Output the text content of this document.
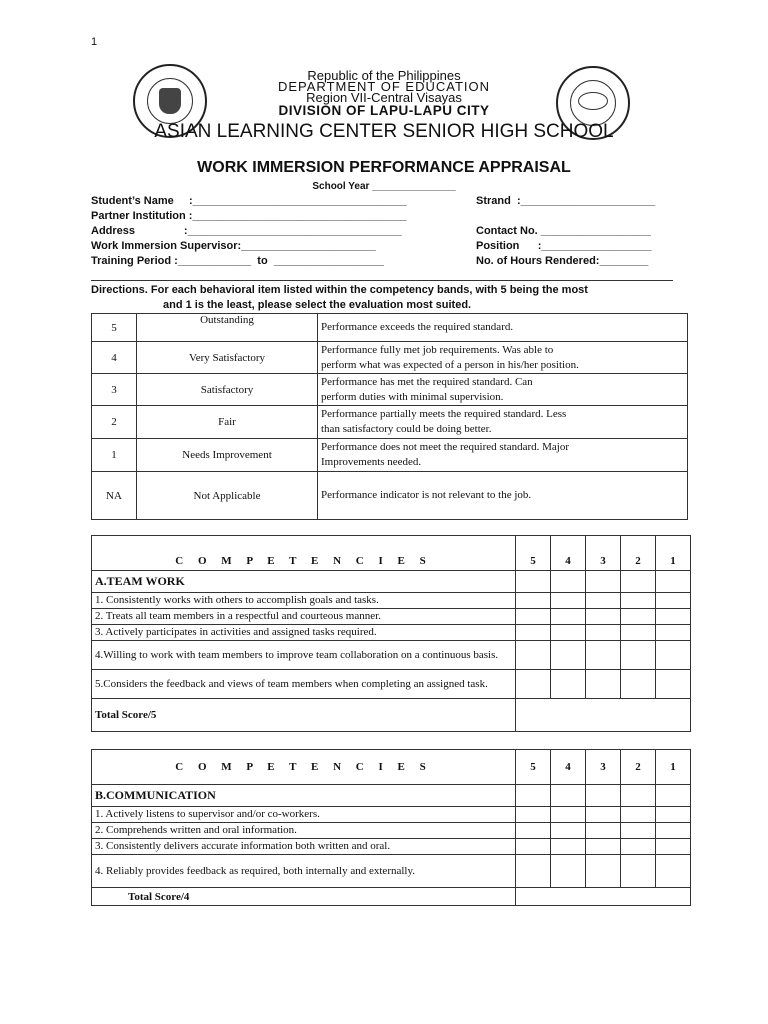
1
Republic of the Philippines
DEPARTMENT OF EDUCATION
Region VII-Central Visayas
DIVISION OF LAPU-LAPU CITY
ASIAN LEARNING CENTER SENIOR HIGH SCHOOL
WORK IMMERSION PERFORMANCE APPRAISAL
School Year _______________
Student’s Name     :___________________________________	Strand  :______________________
Partner Institution :___________________________________
Address                :___________________________________	Contact No. __________________
Work Immersion Supervisor:______________________	Position      :__________________
Training Period :____________  to  __________________	No. of Hours Rendered:________
Directions. For each behavioral item listed within the competency bands, with 5 being the most
and 1 is the least, please select the evaluation most suited.
5	Outstanding	Performance exceeds the required standard.
4	Very Satisfactory	Performance fully met job requirements. Was able to
perform what was expected of a person in his/her position.
3	Satisfactory	Performance has met the required standard. Can
perform duties with minimal supervision.
2	Fair	Performance partially meets the required standard. Less
than satisfactory could be doing better.
1	Needs Improvement	Performance does not meet the required standard. Major
Improvements needed.
NA	Not Applicable	Performance indicator is not relevant to the job.
C O M P E T E N C I E S	5	4	3	2	1
A.TEAM WORK					
1. Consistently works with others to accomplish goals and tasks.					
2. Treats all team members in a respectful and courteous manner.					
3. Actively participates in activities and assigned tasks required.					
4.Willing to work with team members to improve team collaboration on a continuous basis.					
5.Considers the feedback and views of team members when completing an assigned task.					
Total Score/5					
C O M P E T E N C I E S	5	4	3	2	1
B.COMMUNICATION					
1. Actively listens to supervisor and/or co-workers.					
2. Comprehends written and oral information.					
3. Consistently delivers accurate information both written and oral.					
4. Reliably provides feedback as required, both internally and externally.					
Total Score/4					
